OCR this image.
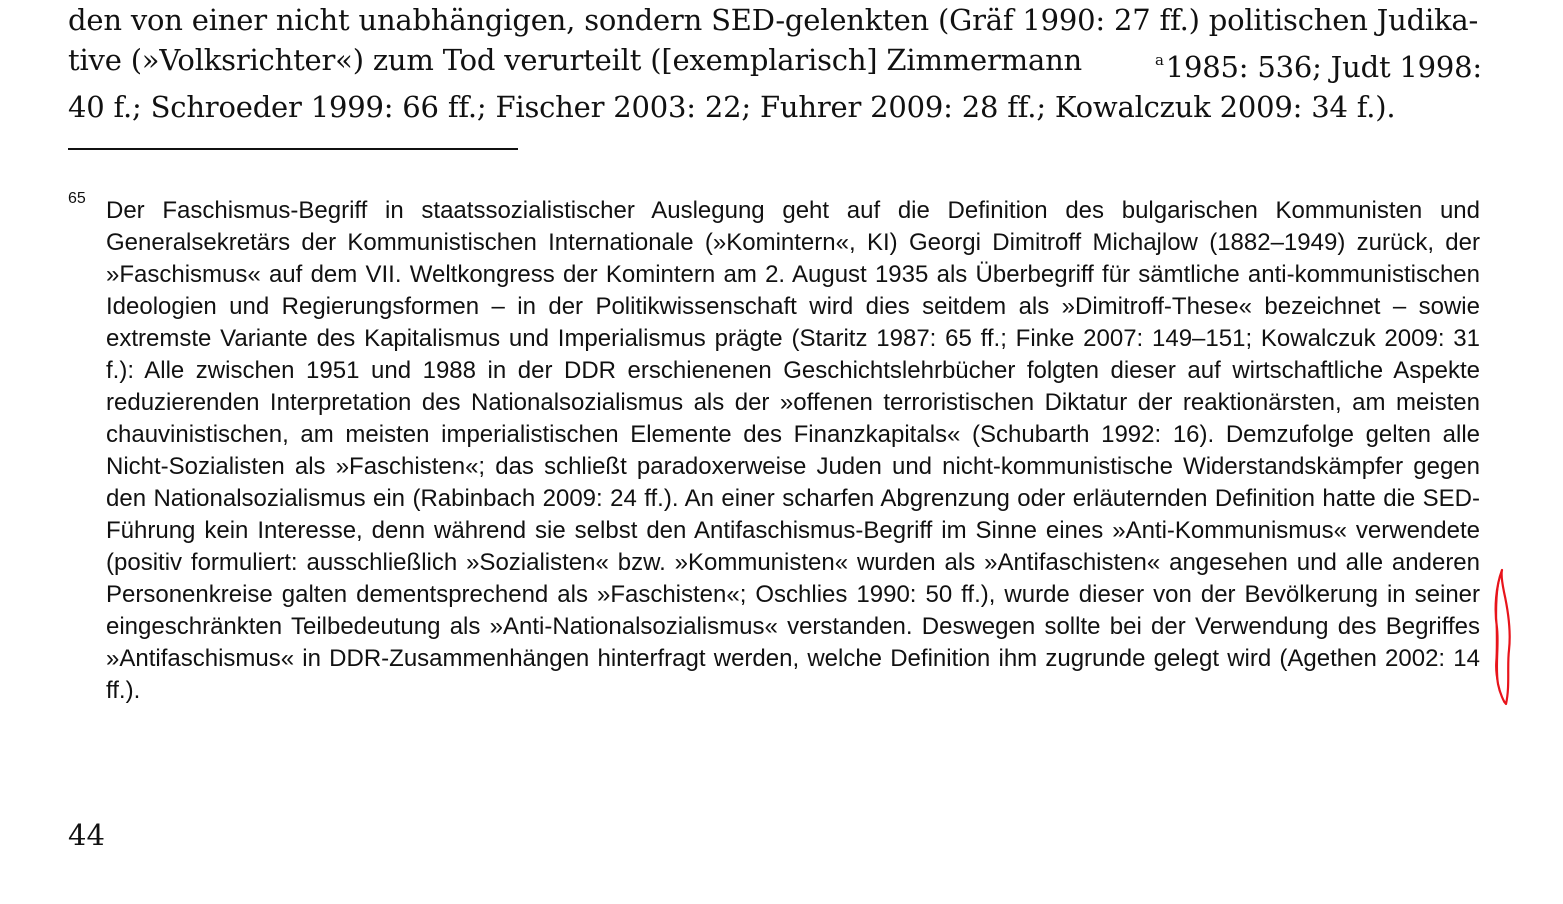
den von einer nicht unabhängigen, sondern SED-gelenkten (Gräf 1990: 27 ff.) politischen Judika-
tive (»Volksrichter«) zum Tod verurteilt ([exemplarisch] Zimmermann	$^a$1985: 536; Judt 1998:
40 f.; Schroeder 1999: 66 ff.; Fischer 2003: 22; Fuhrer 2009: 28 ff.; Kowalczuk 2009: 34 f.).
65 Der Faschismus-Begriff in staatssozialistischer Auslegung geht auf die Definition des bulgarischen Kommunisten und Generalsekretärs der Kommunistischen Internationale (»Komintern«, KI) Georgi Dimitroff Michajlow (1882–1949) zurück, der »Faschismus« auf dem VII. Weltkongress der Komintern am 2. August 1935 als Überbegriff für sämtliche anti-kommunistischen Ideologien und Regierungsformen – in der Politikwissenschaft wird dies seitdem als »Dimitroff-These« bezeichnet – sowie extremste Variante des Kapitalismus und Imperialismus prägte (Staritz 1987: 65 ff.; Finke 2007: 149–151; Kowalczuk 2009: 31 f.): Alle zwischen 1951 und 1988 in der DDR erschienenen Geschichtslehrbücher folgten dieser auf wirtschaftliche Aspekte reduzierenden Interpretation des Nationalsozialismus als der »offenen terroristischen Diktatur der reaktionärsten, am meisten chauvinistischen, am meisten imperialistischen Elemente des Finanzkapitals« (Schubarth 1992: 16). Demzufolge gelten alle Nicht-Sozialisten als »Faschisten«; das schließt paradoxerweise Juden und nicht-kommunistische Widerstandskämpfer gegen den Nationalsozialismus ein (Rabinbach 2009: 24 ff.). An einer scharfen Abgrenzung oder erläuternden Definition hatte die SED-Führung kein Interesse, denn während sie selbst den Antifaschismus-Begriff im Sinne eines »Anti-Kommunismus« verwendete (positiv formuliert: ausschließlich »Sozialisten« bzw. »Kommunisten« wurden als »Antifaschisten« angesehen und alle anderen Personenkreise galten dementsprechend als »Faschisten«; Oschlies 1990: 50 ff.), wurde dieser von der Bevölkerung in seiner eingeschränkten Teilbedeutung als »Anti-Nationalsozialismus« verstanden. Deswegen sollte bei der Verwendung des Begriffes »Antifaschismus« in DDR-Zusammenhängen hinterfragt werden, welche Definition ihm zugrunde gelegt wird (Agethen 2002: 14 ff.).

44
